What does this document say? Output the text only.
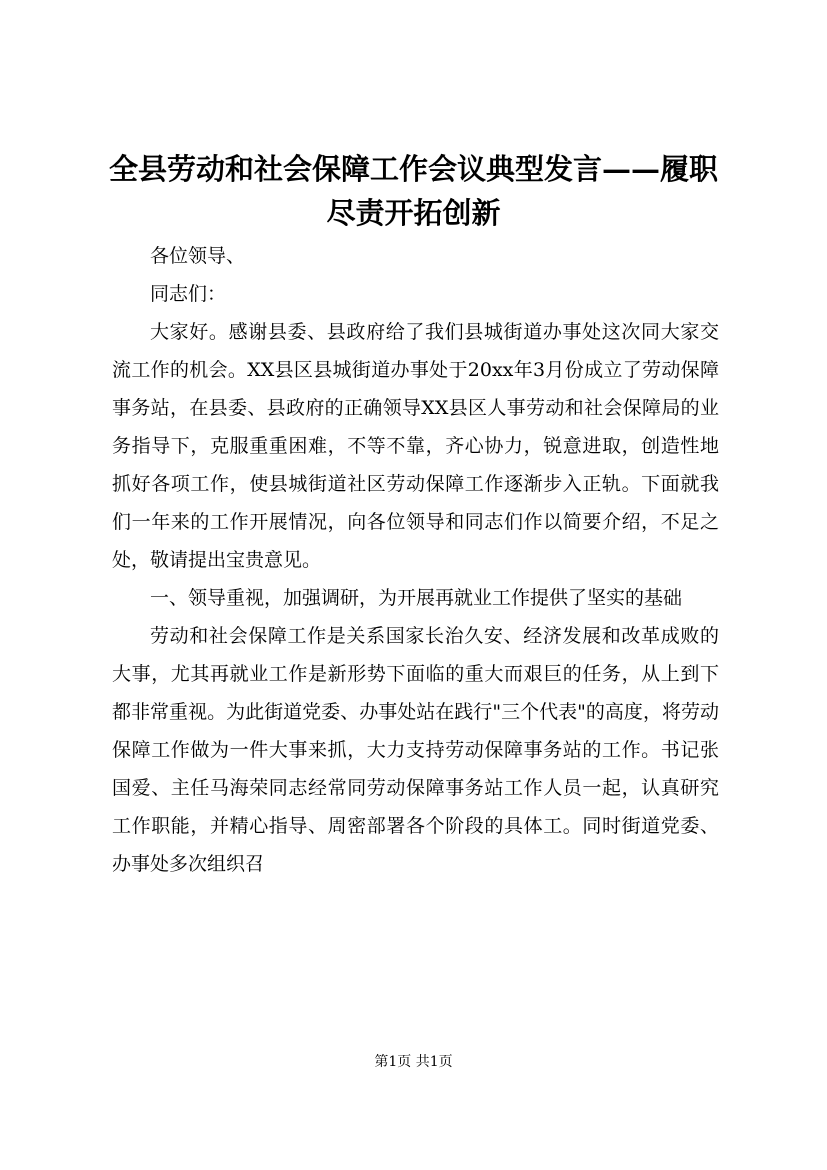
全县劳动和社会保障工作会议典型发言——履职尽责开拓创新

各位领导、

同志们：

大家好。感谢县委、县政府给了我们县城街道办事处这次同大家交流工作的机会。XX县区县城街道办事处于20xx年3月份成立了劳动保障事务站，在县委、县政府的正确领导XX县区人事劳动和社会保障局的业务指导下，克服重重困难，不等不靠，齐心协力，锐意进取，创造性地抓好各项工作，使县城街道社区劳动保障工作逐渐步入正轨。下面就我们一年来的工作开展情况，向各位领导和同志们作以简要介绍，不足之处，敬请提出宝贵意见。

一、领导重视，加强调研，为开展再就业工作提供了坚实的基础

劳动和社会保障工作是关系国家长治久安、经济发展和改革成败的大事，尤其再就业工作是新形势下面临的重大而艰巨的任务，从上到下都非常重视。为此街道党委、办事处站在践行"三个代表"的高度，将劳动保障工作做为一件大事来抓，大力支持劳动保障事务站的工作。书记张国爱、主任马海荣同志经常同劳动保障事务站工作人员一起，认真研究工作职能，并精心指导、周密部署各个阶段的具体工。同时街道党委、办事处多次组织召

第1页 共1页
